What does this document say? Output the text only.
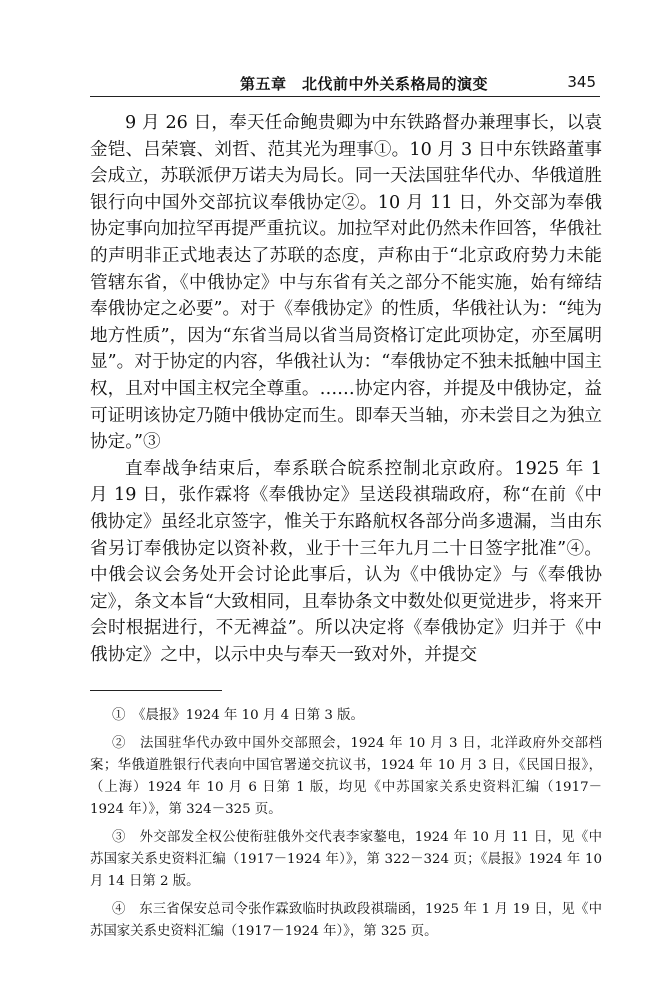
第五章　北伐前中外关系格局的演变	345

9 月 26 日，奉天任命鲍贵卿为中东铁路督办兼理事长，以袁金铠、吕荣寰、刘哲、范其光为理事①。10 月 3 日中东铁路董事会成立，苏联派伊万诺夫为局长。同一天法国驻华代办、华俄道胜银行向中国外交部抗议奉俄协定②。10 月 11 日，外交部为奉俄协定事向加拉罕再提严重抗议。加拉罕对此仍然未作回答，华俄社的声明非正式地表达了苏联的态度，声称由于“北京政府势力未能管辖东省，《中俄协定》中与东省有关之部分不能实施，始有缔结奉俄协定之必要”。对于《奉俄协定》的性质，华俄社认为：“纯为地方性质”，因为“东省当局以省当局资格订定此项协定，亦至属明显”。对于协定的内容，华俄社认为：“奉俄协定不独未抵触中国主权，且对中国主权完全尊重。……协定内容，并提及中俄协定，益可证明该协定乃随中俄协定而生。即奉天当轴，亦未尝目之为独立协定。”③

直奉战争结束后，奉系联合皖系控制北京政府。1925 年 1 月 19 日，张作霖将《奉俄协定》呈送段祺瑞政府，称“在前《中俄协定》虽经北京签字，惟关于东路航权各部分尚多遗漏，当由东省另订奉俄协定以资补救，业于十三年九月二十日签字批准”④。中俄会议会务处开会讨论此事后，认为《中俄协定》与《奉俄协定》，条文本旨“大致相同，且奉协条文中数处似更觉进步，将来开会时根据进行，不无裨益”。所以决定将《奉俄协定》归并于《中俄协定》之中，以示中央与奉天一致对外，并提交

①　《晨报》1924 年 10 月 4 日第 3 版。

②　法国驻华代办致中国外交部照会，1924 年 10 月 3 日，北洋政府外交部档案；华俄道胜银行代表向中国官署递交抗议书，1924 年 10 月 3 日，《民国日报》，（上海）1924 年 10 月 6 日第 1 版，均见《中苏国家关系史资料汇编（1917－1924 年）》，第 324－325 页。

③　外交部发全权公使衔驻俄外交代表李家鏊电，1924 年 10 月 11 日，见《中苏国家关系史资料汇编（1917－1924 年）》，第 322－324 页；《晨报》1924 年 10 月 14 日第 2 版。

④　东三省保安总司令张作霖致临时执政段祺瑞函，1925 年 1 月 19 日，见《中苏国家关系史资料汇编（1917－1924 年）》，第 325 页。
